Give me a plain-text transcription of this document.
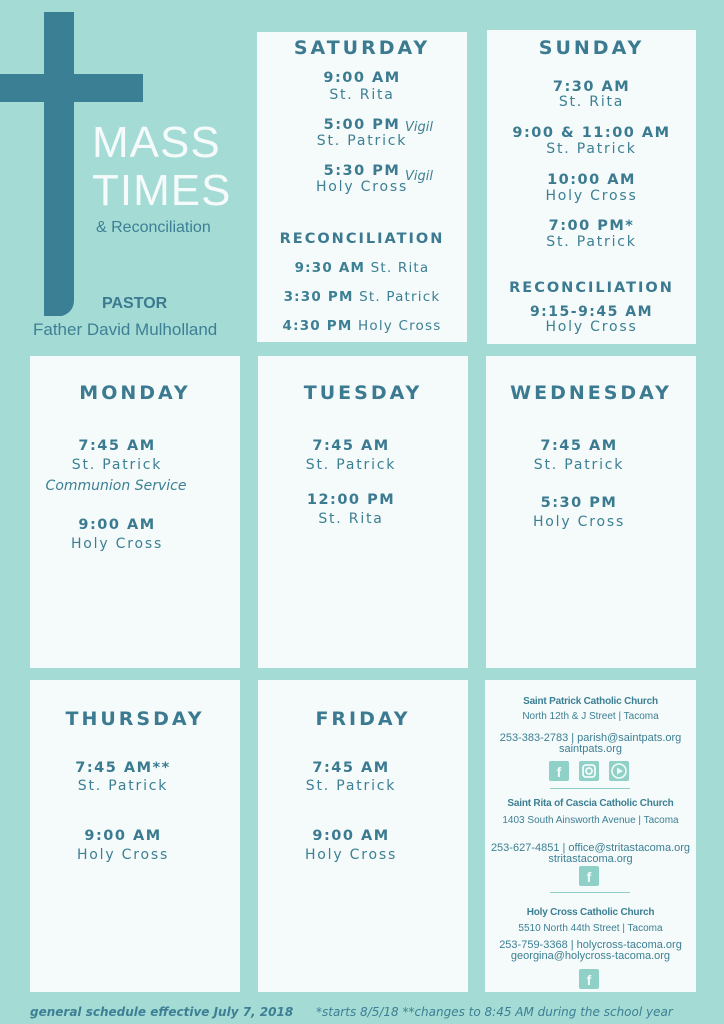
MASS
TIMES
& Reconciliation
PASTOR
Father David Mulholland
SATURDAY
9:00 AM
St. Rita
5:00 PM Vigil
St. Patrick
5:30 PM Vigil
Holy Cross
RECONCILIATION
9:30 AM St. Rita
3:30 PM St. Patrick
4:30 PM Holy Cross
SUNDAY
7:30 AM
St. Rita
9:00 & 11:00 AM
St. Patrick
10:00 AM
Holy Cross
7:00 PM*
St. Patrick
RECONCILIATION
9:15-9:45 AM
Holy Cross
MONDAY
7:45 AM
St. Patrick
Communion Service
9:00 AM
Holy Cross
TUESDAY
7:45 AM
St. Patrick
12:00 PM
St. Rita
WEDNESDAY
7:45 AM
St. Patrick
5:30 PM
Holy Cross
THURSDAY
7:45 AM**
St. Patrick
9:00 AM
Holy Cross
FRIDAY
7:45 AM
St. Patrick
9:00 AM
Holy Cross
Saint Patrick Catholic Church
North 12th & J Street | Tacoma
253-383-2783 | parish@saintpats.org
saintpats.org
f
Saint Rita of Cascia Catholic Church
1403 South Ainsworth Avenue | Tacoma
253-627-4851 | office@stritastacoma.org
stritastacoma.org
f
Holy Cross Catholic Church
5510 North 44th Street | Tacoma
253-759-3368 | holycross-tacoma.org
georgina@holycross-tacoma.org
f
general schedule effective July 7, 2018 *starts 8/5/18 **changes to 8:45 AM during the school year
